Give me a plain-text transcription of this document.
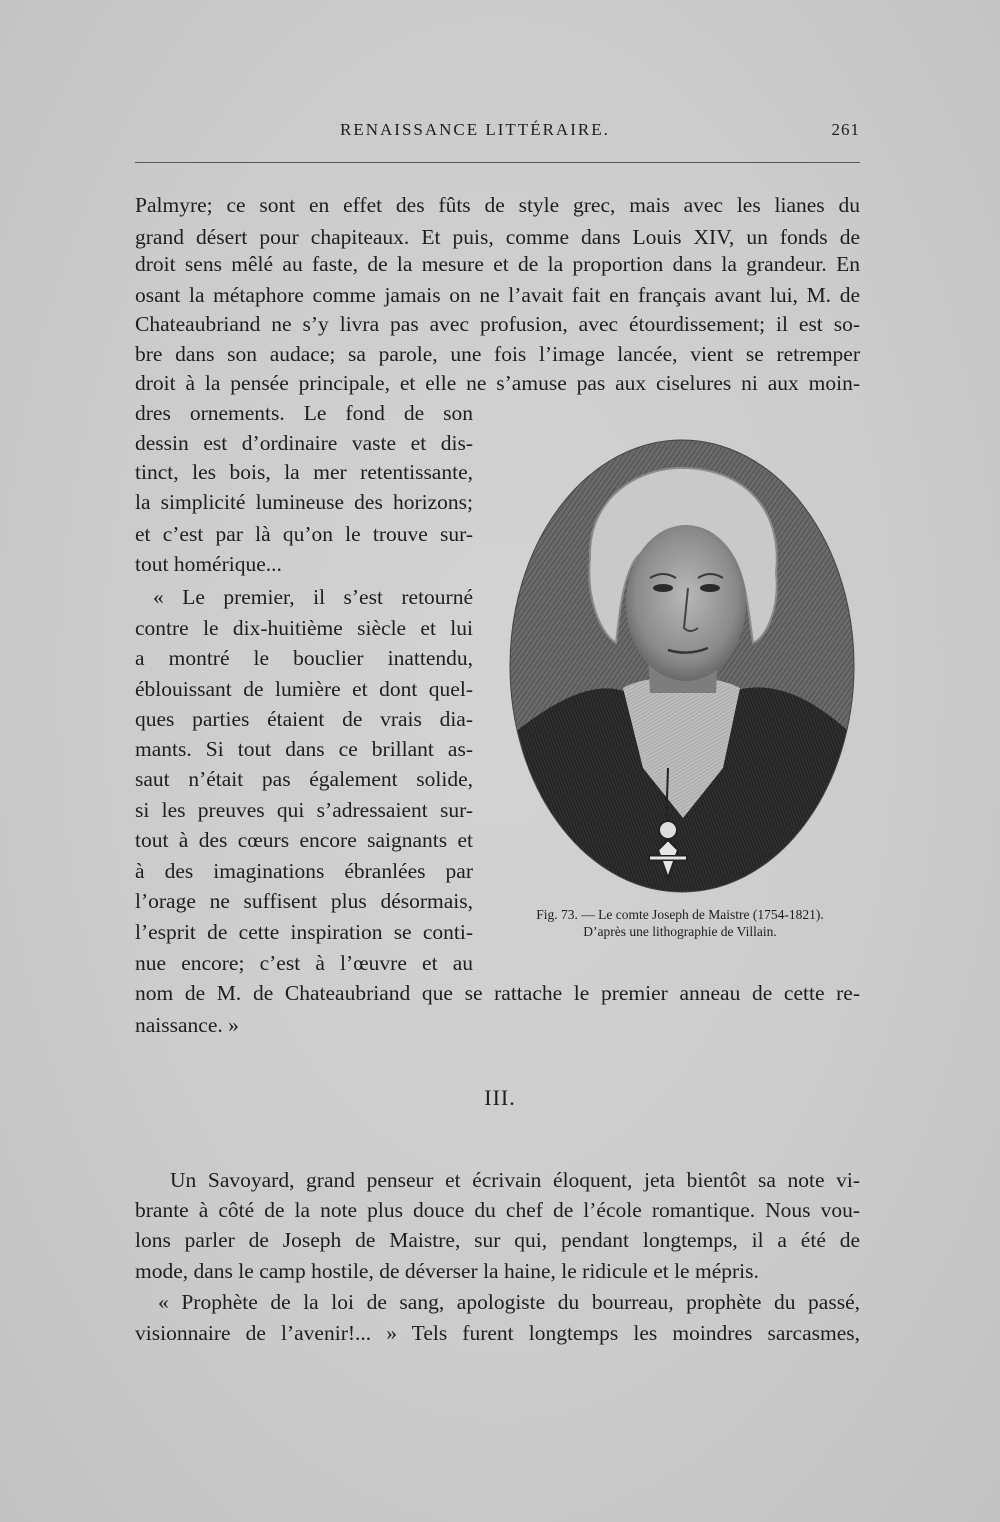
RENAISSANCE LITTÉRAIRE.	261
Palmyre; ce sont en effet des fûts de style grec, mais avec les lianes du
grand désert pour chapiteaux. Et puis, comme dans Louis XIV, un fonds de
droit sens mêlé au faste, de la mesure et de la proportion dans la grandeur. En
osant la métaphore comme jamais on ne l’avait fait en français avant lui, M. de
Chateaubriand ne s’y livra pas avec profusion, avec étourdissement; il est so-
bre dans son audace; sa parole, une fois l’image lancée, vient se retremper
droit à la pensée principale, et elle ne s’amuse pas aux ciselures ni aux moin-
dres ornements. Le fond de son
dessin est d’ordinaire vaste et dis-
tinct, les bois, la mer retentissante,
la simplicité lumineuse des horizons;
et c’est par là qu’on le trouve sur-
tout homérique...
« Le premier, il s’est retourné
contre le dix-huitième siècle et lui
a montré le bouclier inattendu,
éblouissant de lumière et dont quel-
ques parties étaient de vrais dia-
mants. Si tout dans ce brillant as-
saut n’était pas également solide,
si les preuves qui s’adressaient sur-
tout à des cœurs encore saignants et
à des imaginations ébranlées par
l’orage ne suffisent plus désormais,
l’esprit de cette inspiration se conti-
nue encore; c’est à l’œuvre et au
Fig. 73. — Le comte Joseph de Maistre (1754-1821).
D’après une lithographie de Villain.
nom de M. de Chateaubriand que se rattache le premier anneau de cette re-
naissance. »
III.
Un Savoyard, grand penseur et écrivain éloquent, jeta bientôt sa note vi-
brante à côté de la note plus douce du chef de l’école romantique. Nous vou-
lons parler de Joseph de Maistre, sur qui, pendant longtemps, il a été de
mode, dans le camp hostile, de déverser la haine, le ridicule et le mépris.
« Prophète de la loi de sang, apologiste du bourreau, prophète du passé,
visionnaire de l’avenir!... » Tels furent longtemps les moindres sarcasmes,
